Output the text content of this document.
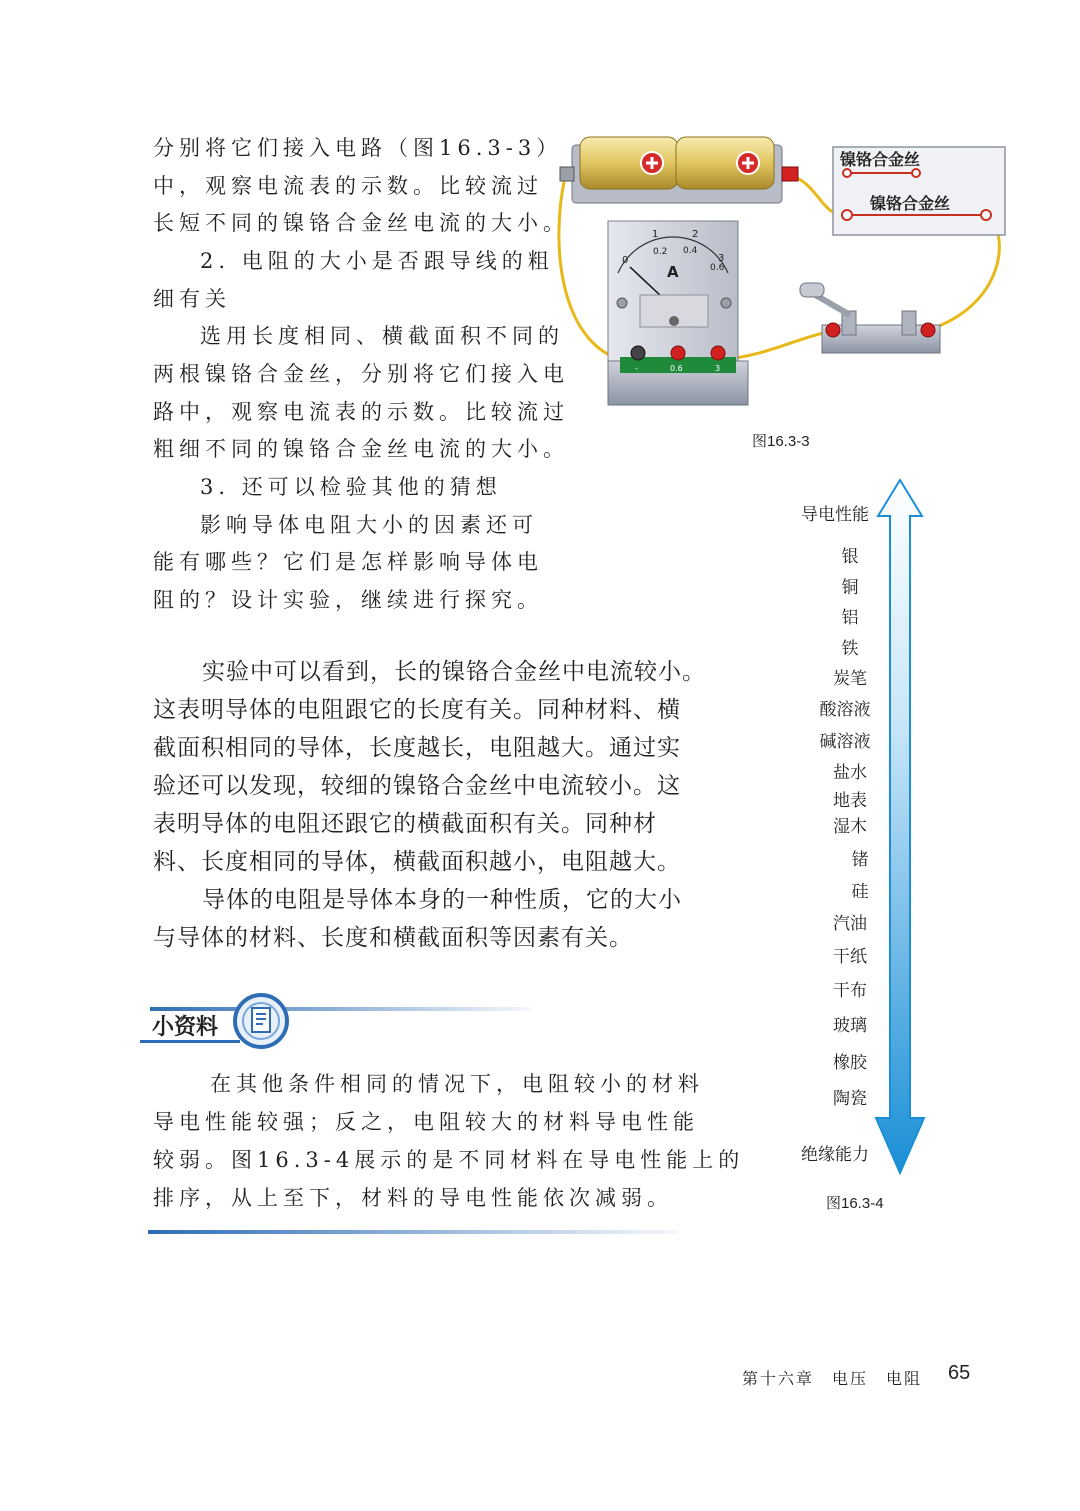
分别将它们接入电路（图16.3-3）
中，观察电流表的示数。比较流过
长短不同的镍铬合金丝电流的大小。
2. 电阻的大小是否跟导线的粗
细有关
选用长度相同、横截面积不同的
两根镍铬合金丝，分别将它们接入电
路中，观察电流表的示数。比较流过
粗细不同的镍铬合金丝电流的大小。
3. 还可以检验其他的猜想
影响导体电阻大小的因素还可
能有哪些？它们是怎样影响导体电
阻的？设计实验，继续进行探究。
镍铬合金丝
镍铬合金丝
0
1	2
3
0.2 0.4
0.6
A
-	0.6	3
图16.3-3
实验中可以看到，长的镍铬合金丝中电流较小。
这表明导体的电阻跟它的长度有关。同种材料、横
截面积相同的导体，长度越长，电阻越大。通过实
验还可以发现，较细的镍铬合金丝中电流较小。这
表明导体的电阻还跟它的横截面积有关。同种材
料、长度相同的导体，横截面积越小，电阻越大。
导体的电阻是导体本身的一种性质，它的大小
与导体的材料、长度和横截面积等因素有关。
小资料
在其他条件相同的情况下，电阻较小的材料
导电性能较强；反之，电阻较大的材料导电性能
较弱。图16.3-4展示的是不同材料在导电性能上的
排序，从上至下，材料的导电性能依次减弱。
导电性能
绝缘能力
银
铜
铝
铁
炭笔
酸溶液
碱溶液
盐水
地表
湿木
锗
硅
汽油
干纸
干布
玻璃
橡胶
陶瓷
图16.3-4
第十六章　电压　电阻 65
